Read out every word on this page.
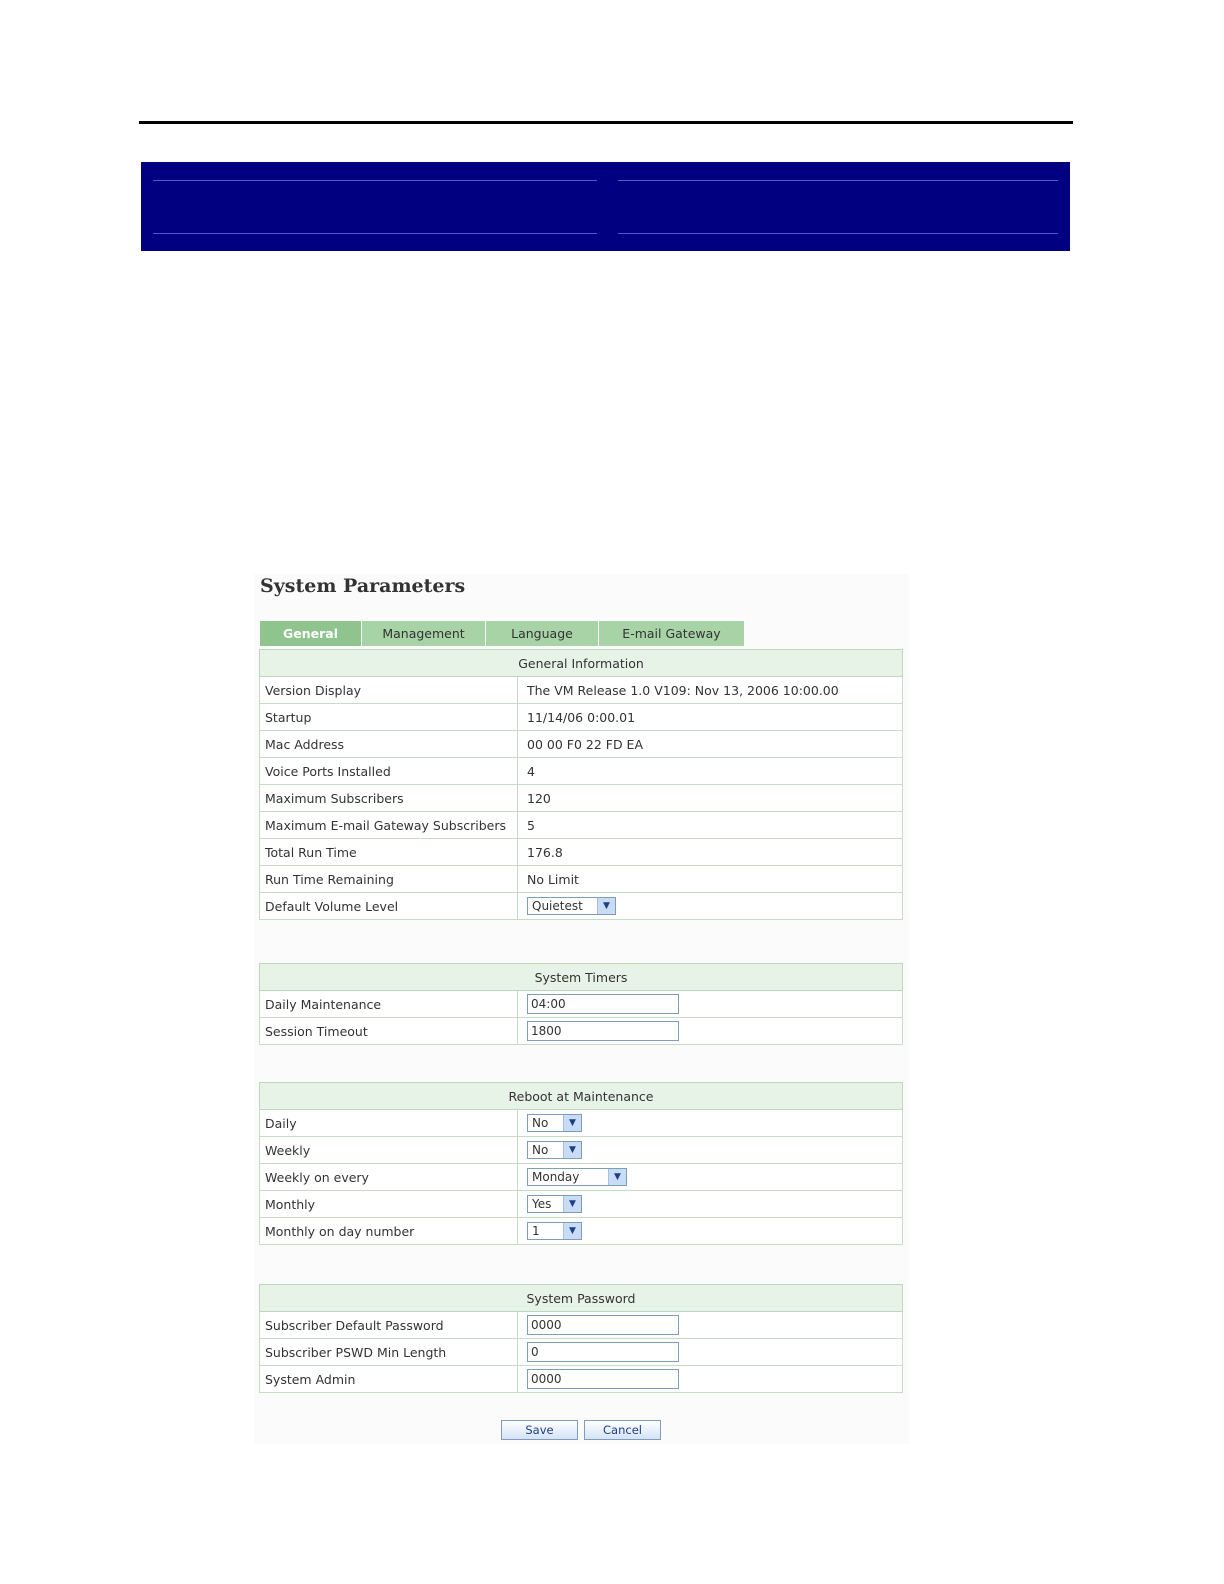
System Parameters
General	Management	Language	E-mail Gateway
General Information	
Version Display	The VM Release 1.0 V109: Nov 13, 2006 10:00.00
Startup	11/14/06 0:00.01
Mac Address	00 00 F0 22 FD EA
Voice Ports Installed	4
Maximum Subscribers	120
Maximum E-mail Gateway Subscribers	5
Total Run Time	176.8
Run Time Remaining	No Limit
Default Volume Level	Quietest ▼
System Timers	
Daily Maintenance	04:00
Session Timeout	1800
Reboot at Maintenance	
Daily	No ▼

Weekly	No ▼

Weekly on every	Monday ▼

Monthly	Yes ▼

Monthly on day number	1 ▼
System Password	
Subscriber Default Password	0000
Subscriber PSWD Min Length	0
System Admin	0000
Save	Cancel
